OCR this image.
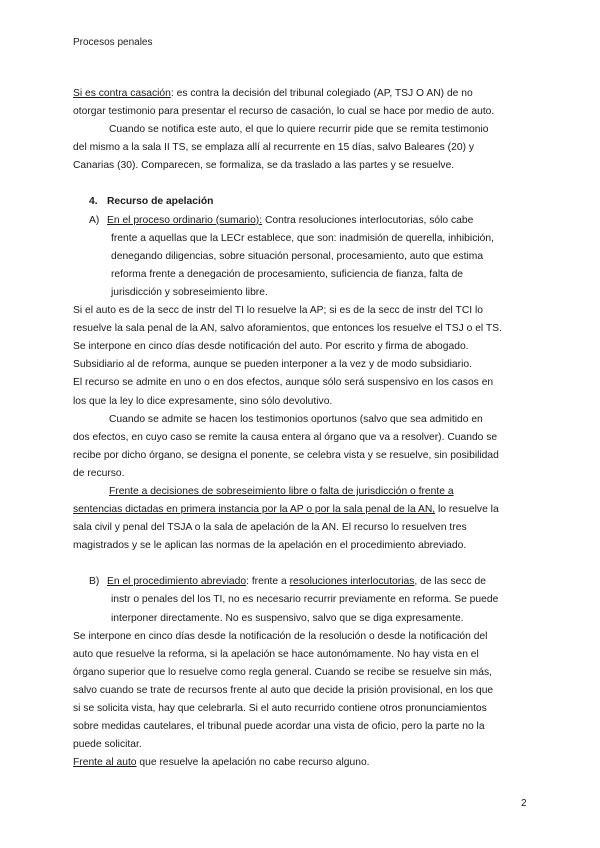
Procesos penales
Si es contra casación: es contra la decisión del tribunal colegiado (AP, TSJ O AN) de no
otorgar testimonio para presentar el recurso de casación, lo cual se hace por medio de auto.
Cuando se notifica este auto, el que lo quiere recurrir pide que se remita testimonio
del mismo a la sala II TS, se emplaza allí al recurrente en 15 días, salvo Baleares (20) y
Canarias (30). Comparecen, se formaliza, se da traslado a las partes y se resuelve.
4. Recurso de apelación
A) En el proceso ordinario (sumario): Contra resoluciones interlocutorias, sólo cabe
frente a aquellas que la LECr establece, que son: inadmisión de querella, inhibición,
denegando diligencias, sobre situación personal, procesamiento, auto que estima
reforma frente a denegación de procesamiento, suficiencia de fianza, falta de
jurisdicción y sobreseimiento libre.
Si el auto es de la secc de instr del TI lo resuelve la AP; si es de la secc de instr del TCI lo
resuelve la sala penal de la AN, salvo aforamientos, que entonces los resuelve el TSJ o el TS.
Se interpone en cinco días desde notificación del auto. Por escrito y firma de abogado.
Subsidiario al de reforma, aunque se pueden interponer a la vez y de modo subsidiario.
El recurso se admite en uno o en dos efectos, aunque sólo será suspensivo en los casos en
los que la ley lo dice expresamente, sino sólo devolutivo.
Cuando se admite se hacen los testimonios oportunos (salvo que sea admitido en
dos efectos, en cuyo caso se remite la causa entera al órgano que va a resolver). Cuando se
recibe por dicho órgano, se designa el ponente, se celebra vista y se resuelve, sin posibilidad
de recurso.
Frente a decisiones de sobreseimiento libre o falta de jurisdicción o frente a
sentencias dictadas en primera instancia por la AP o por la sala penal de la AN, lo resuelve la
sala civil y penal del TSJA o la sala de apelación de la AN. El recurso lo resuelven tres
magistrados y se le aplican las normas de la apelación en el procedimiento abreviado.
B) En el procedimiento abreviado: frente a resoluciones interlocutorias, de las secc de
instr o penales del los TI, no es necesario recurrir previamente en reforma. Se puede
interponer directamente. No es suspensivo, salvo que se diga expresamente.
Se interpone en cinco días desde la notificación de la resolución o desde la notificación del
auto que resuelve la reforma, si la apelación se hace autonómamente. No hay vista en el
órgano superior que lo resuelve como regla general. Cuando se recibe se resuelve sin más,
salvo cuando se trate de recursos frente al auto que decide la prisión provisional, en los que
si se solicita vista, hay que celebrarla. Si el auto recurrido contiene otros pronunciamientos
sobre medidas cautelares, el tribunal puede acordar una vista de oficio, pero la parte no la
puede solicitar.
Frente al auto que resuelve la apelación no cabe recurso alguno.
2
